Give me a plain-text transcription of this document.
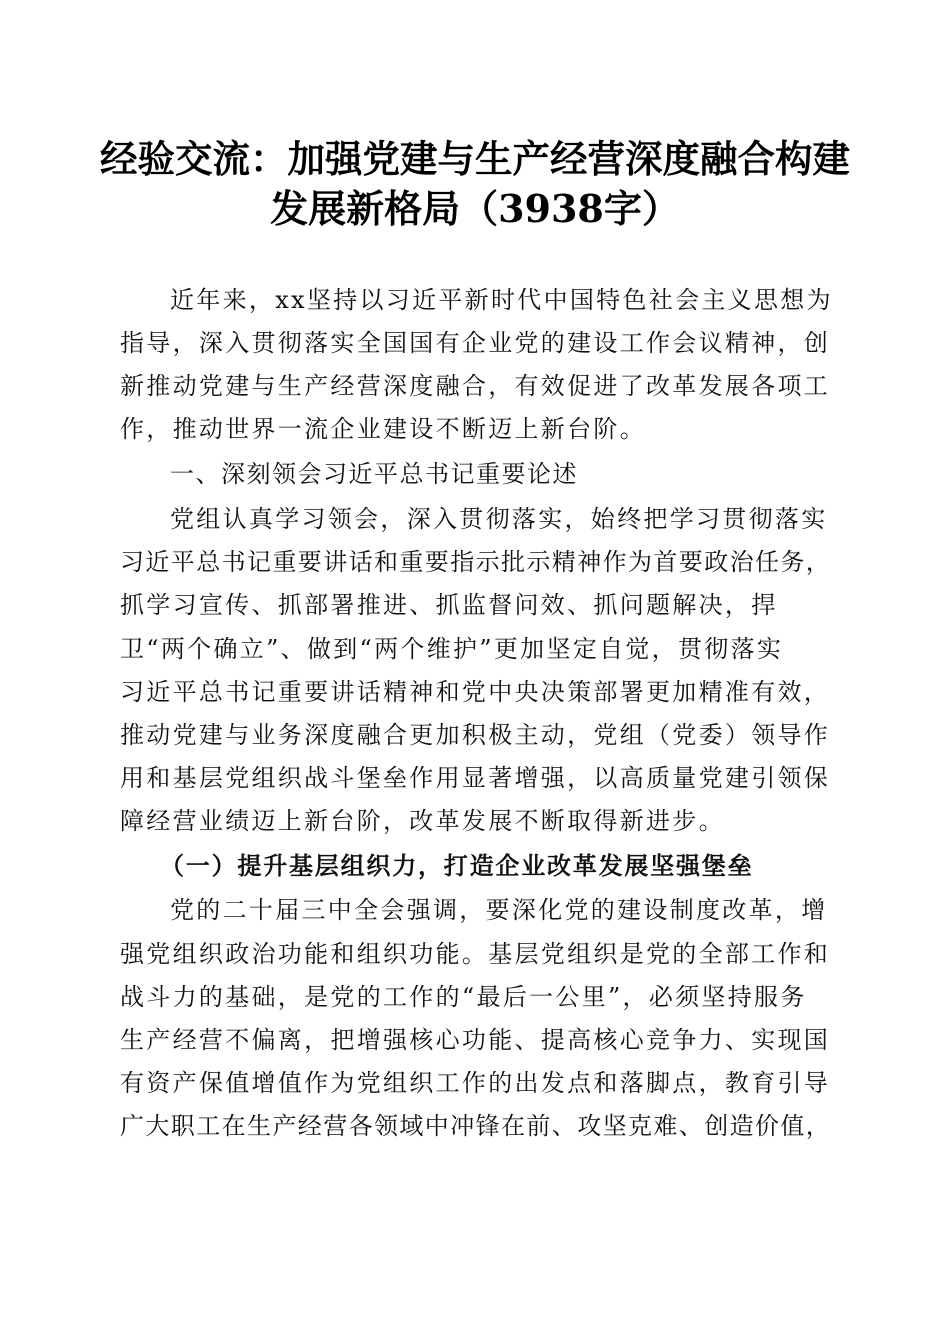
经验交流：加强党建与生产经营深度融合构建
发展新格局（3938字）
近年来，xx坚持以习近平新时代中国特色社会主义思想为
指导，深入贯彻落实全国国有企业党的建设工作会议精神，创
新推动党建与生产经营深度融合，有效促进了改革发展各项工
作，推动世界一流企业建设不断迈上新台阶。
一、深刻领会习近平总书记重要论述
党组认真学习领会，深入贯彻落实，始终把学习贯彻落实
习近平总书记重要讲话和重要指示批示精神作为首要政治任务，
抓学习宣传、抓部署推进、抓监督问效、抓问题解决，捍
卫“两个确立”、做到“两个维护”更加坚定自觉，贯彻落实
习近平总书记重要讲话精神和党中央决策部署更加精准有效，
推动党建与业务深度融合更加积极主动，党组（党委）领导作
用和基层党组织战斗堡垒作用显著增强，以高质量党建引领保
障经营业绩迈上新台阶，改革发展不断取得新进步。
（一）提升基层组织力，打造企业改革发展坚强堡垒
党的二十届三中全会强调，要深化党的建设制度改革，增
强党组织政治功能和组织功能。基层党组织是党的全部工作和
战斗力的基础，是党的工作的“最后一公里”，必须坚持服务
生产经营不偏离，把增强核心功能、提高核心竞争力、实现国
有资产保值增值作为党组织工作的出发点和落脚点，教育引导
广大职工在生产经营各领域中冲锋在前、攻坚克难、创造价值，
